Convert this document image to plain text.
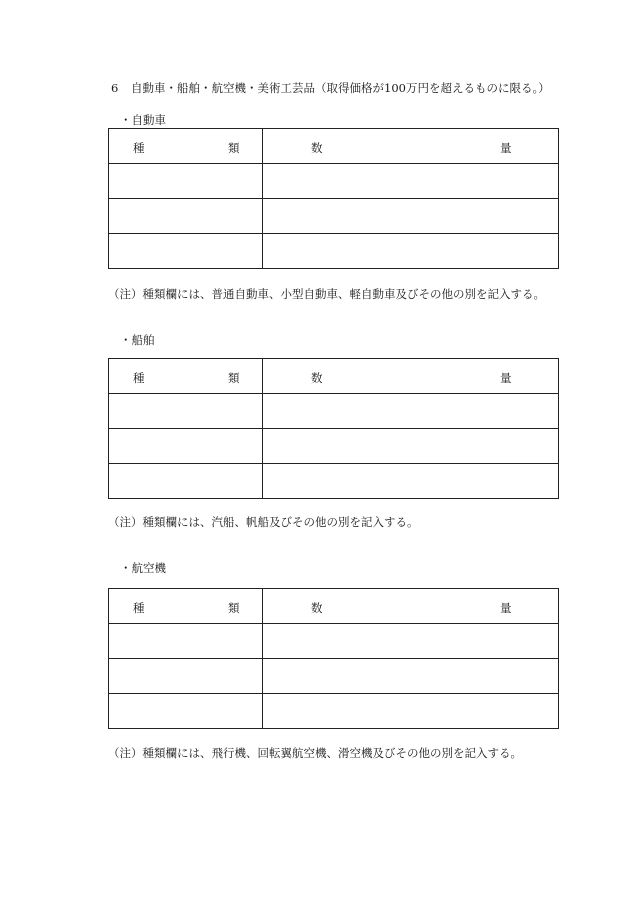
6 自動車・船舶・航空機・美術工芸品（取得価格が100万円を超えるものに限る。）
・自動車
種 類	数 量

（注）種類欄には、普通自動車、小型自動車、軽自動車及びその他の別を記入する。
・船舶
種 類	数 量

（注）種類欄には、汽船、帆船及びその他の別を記入する。
・航空機
種 類	数 量

（注）種類欄には、飛行機、回転翼航空機、滑空機及びその他の別を記入する。
